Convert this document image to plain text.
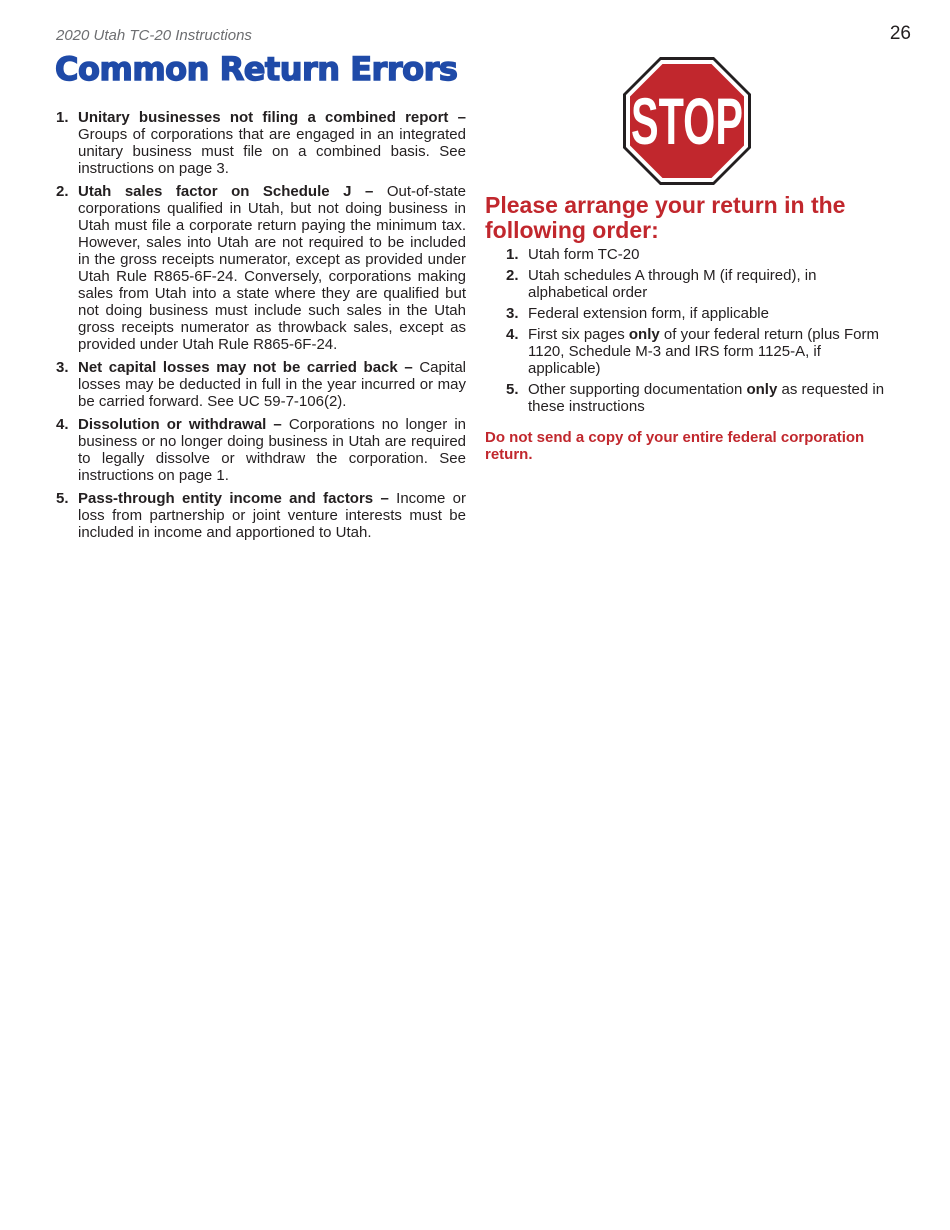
2020 Utah TC-20 Instructions	26
Common Return Errors
1. Unitary businesses not filing a combined report – Groups of corporations that are engaged in an integrated unitary business must file on a combined basis. See instructions on page 3.
2. Utah sales factor on Schedule J – Out-of-state corporations qualified in Utah, but not doing business in Utah must file a corporate return paying the minimum tax. However, sales into Utah are not required to be included in the gross receipts numerator, except as provided under Utah Rule R865-6F-24. Conversely, corporations making sales from Utah into a state where they are qualified but not doing business must include such sales in the Utah gross receipts numerator as throwback sales, except as provided under Utah Rule R865-6F-24.
3. Net capital losses may not be carried back – Capital losses may be deducted in full in the year incurred or may be carried forward. See UC 59-7-106(2).
4. Dissolution or withdrawal – Corporations no longer in business or no longer doing business in Utah are required to legally dissolve or withdraw the corporation. See instructions on page 1.
5. Pass-through entity income and factors – Income or loss from partnership or joint venture interests must be included in income and apportioned to Utah.
STOP
Please arrange your return in the following order:
1. Utah form TC-20
2. Utah schedules A through M (if required), in alphabetical order
3. Federal extension form, if applicable
4. First six pages only of your federal return (plus Form 1120, Schedule M-3 and IRS form 1125-A, if applicable)
5. Other supporting documentation only as requested in these instructions
Do not send a copy of your entire federal corporation return.
